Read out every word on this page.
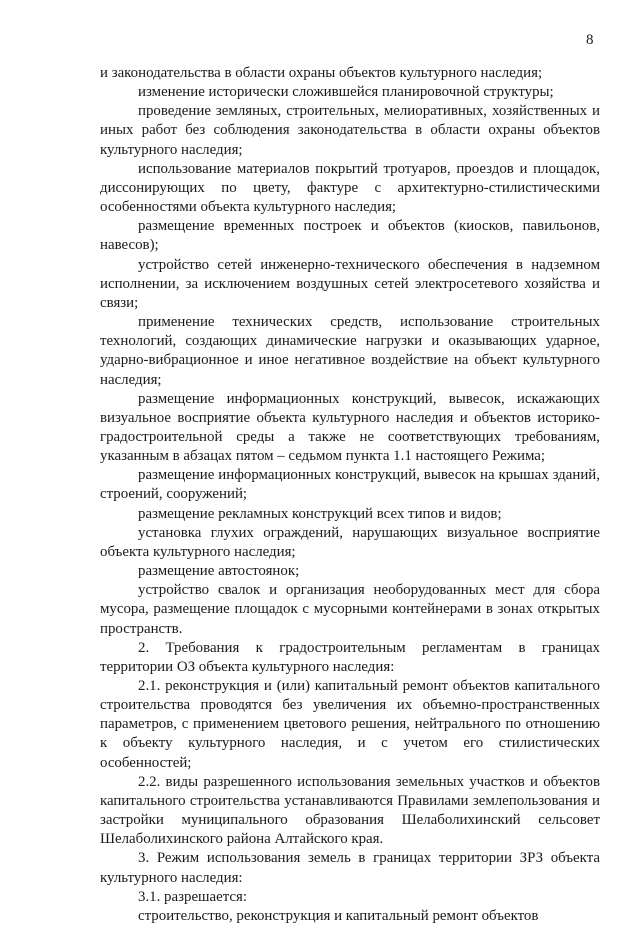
8

и законодательства в области охраны объектов культурного наследия;

изменение исторически сложившейся планировочной структуры;

проведение земляных, строительных, мелиоративных, хозяйственных и иных работ без соблюдения законодательства в области охраны объектов культурного наследия;

использование материалов покрытий тротуаров, проездов и площадок, диссонирующих по цвету, фактуре с архитектурно-стилистическими особенностями объекта культурного наследия;

размещение временных построек и объектов (киосков, павильонов, навесов);

устройство сетей инженерно-технического обеспечения в надземном исполнении, за исключением воздушных сетей электросетевого хозяйства и связи;

применение технических средств, использование строительных технологий, создающих динамические нагрузки и оказывающих ударное, ударно-вибрационное и иное негативное воздействие на объект культурного наследия;

размещение информационных конструкций, вывесок, искажающих визуальное восприятие объекта культурного наследия и объектов историко-градостроительной среды а также не соответствующих требованиям, указанным в абзацах пятом – седьмом пункта 1.1 настоящего Режима;

размещение информационных конструкций, вывесок на крышах зданий, строений, сооружений;

размещение рекламных конструкций всех типов и видов;

установка глухих ограждений, нарушающих визуальное восприятие объекта культурного наследия;

размещение автостоянок;

устройство свалок и организация необорудованных мест для сбора мусора, размещение площадок с мусорными контейнерами в зонах открытых пространств.

2. Требования к градостроительным регламентам в границах территории ОЗ объекта культурного наследия:

2.1. реконструкция и (или) капитальный ремонт объектов капитального строительства проводятся без увеличения их объемно-пространственных параметров, с применением цветового решения, нейтрального по отношению к объекту культурного наследия, и с учетом его стилистических особенностей;

2.2. виды разрешенного использования земельных участков и объектов капитального строительства устанавливаются Правилами землепользования и застройки муниципального образования Шелаболихинский сельсовет Шелаболихинского района Алтайского края.

3. Режим использования земель в границах территории ЗРЗ объекта культурного наследия:

3.1. разрешается:

строительство, реконструкция и капитальный ремонт объектов
